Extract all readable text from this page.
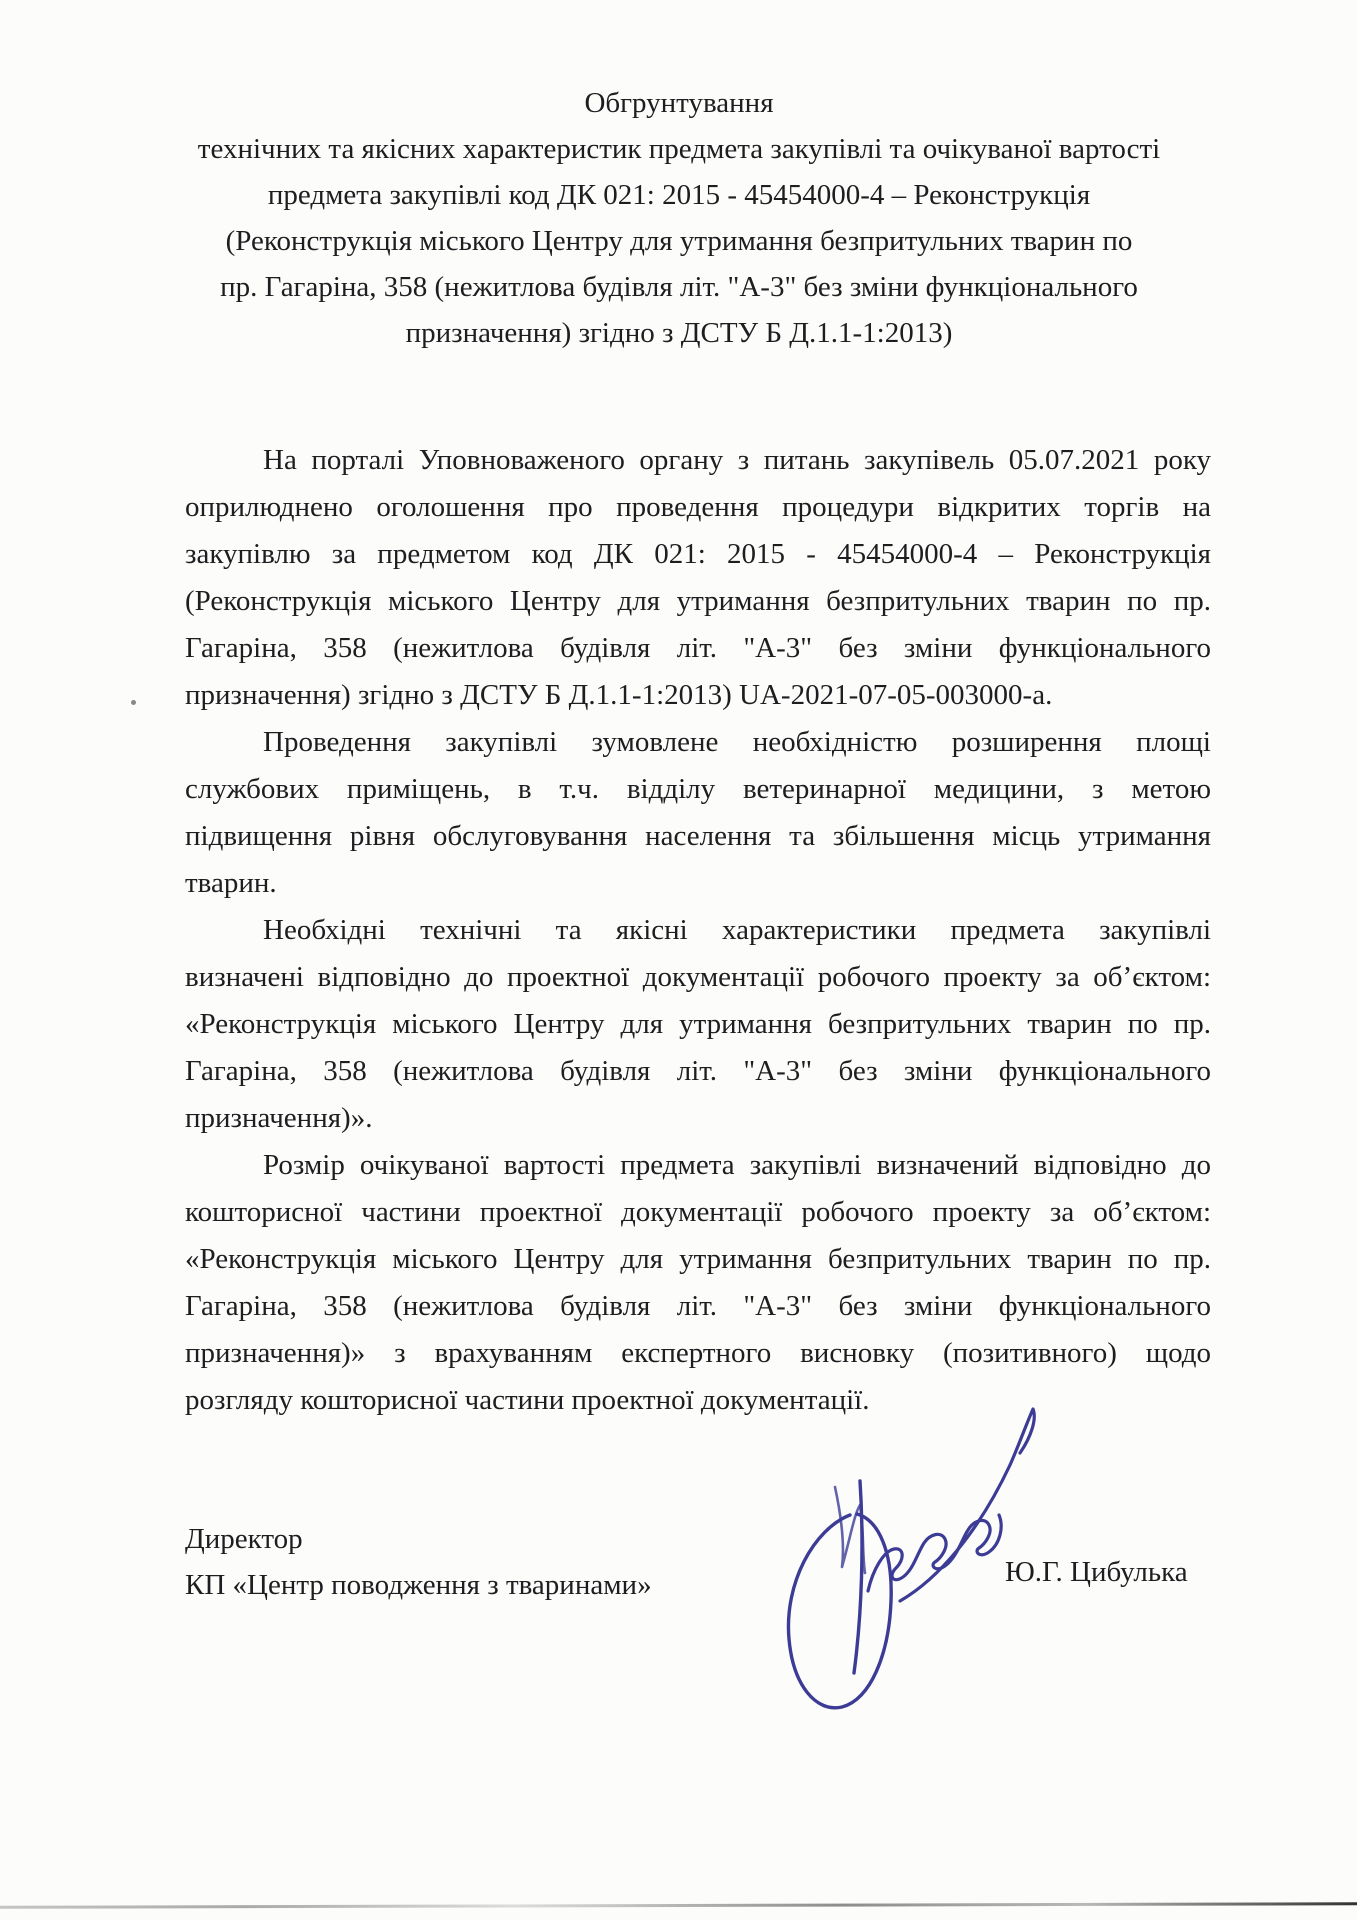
Обгрунтування
технічних та якісних характеристик предмета закупівлі та очікуваної вартості
предмета закупівлі код ДК 021: 2015 - 45454000-4 – Реконструкція
(Реконструкція міського Центру для утримання безпритульних тварин по
пр. Гагаріна, 358 (нежитлова будівля літ. "А-3" без зміни функціонального
призначення) згідно з ДСТУ Б Д.1.1-1:2013)
На порталі Уповноваженого органу з питань закупівель 05.07.2021 року
оприлюднено оголошення про проведення процедури відкритих торгів на
закупівлю за предметом код ДК 021: 2015 - 45454000-4 – Реконструкція
(Реконструкція міського Центру для утримання безпритульних тварин по пр.
Гагаріна, 358 (нежитлова будівля літ. "А-3" без зміни функціонального
призначення) згідно з ДСТУ Б Д.1.1-1:2013) UA-2021-07-05-003000-а.
Проведення закупівлі зумовлене необхідністю розширення площі
службових приміщень, в т.ч. відділу ветеринарної медицини, з метою
підвищення рівня обслуговування населення та збільшення місць утримання
тварин.
Необхідні технічні та якісні характеристики предмета закупівлі
визначені відповідно до проектної документації робочого проекту за об’єктом:
«Реконструкція міського Центру для утримання безпритульних тварин по пр.
Гагаріна, 358 (нежитлова будівля літ. "А-3" без зміни функціонального
призначення)».
Розмір очікуваної вартості предмета закупівлі визначений відповідно до
кошторисної частини проектної документації робочого проекту за об’єктом:
«Реконструкція міського Центру для утримання безпритульних тварин по пр.
Гагаріна, 358 (нежитлова будівля літ. "А-3" без зміни функціонального
призначення)» з врахуванням експертного висновку (позитивного) щодо
розгляду кошторисної частини проектної документації.
Директор
КП «Центр поводження з тваринами»	Ю.Г. Цибулька
